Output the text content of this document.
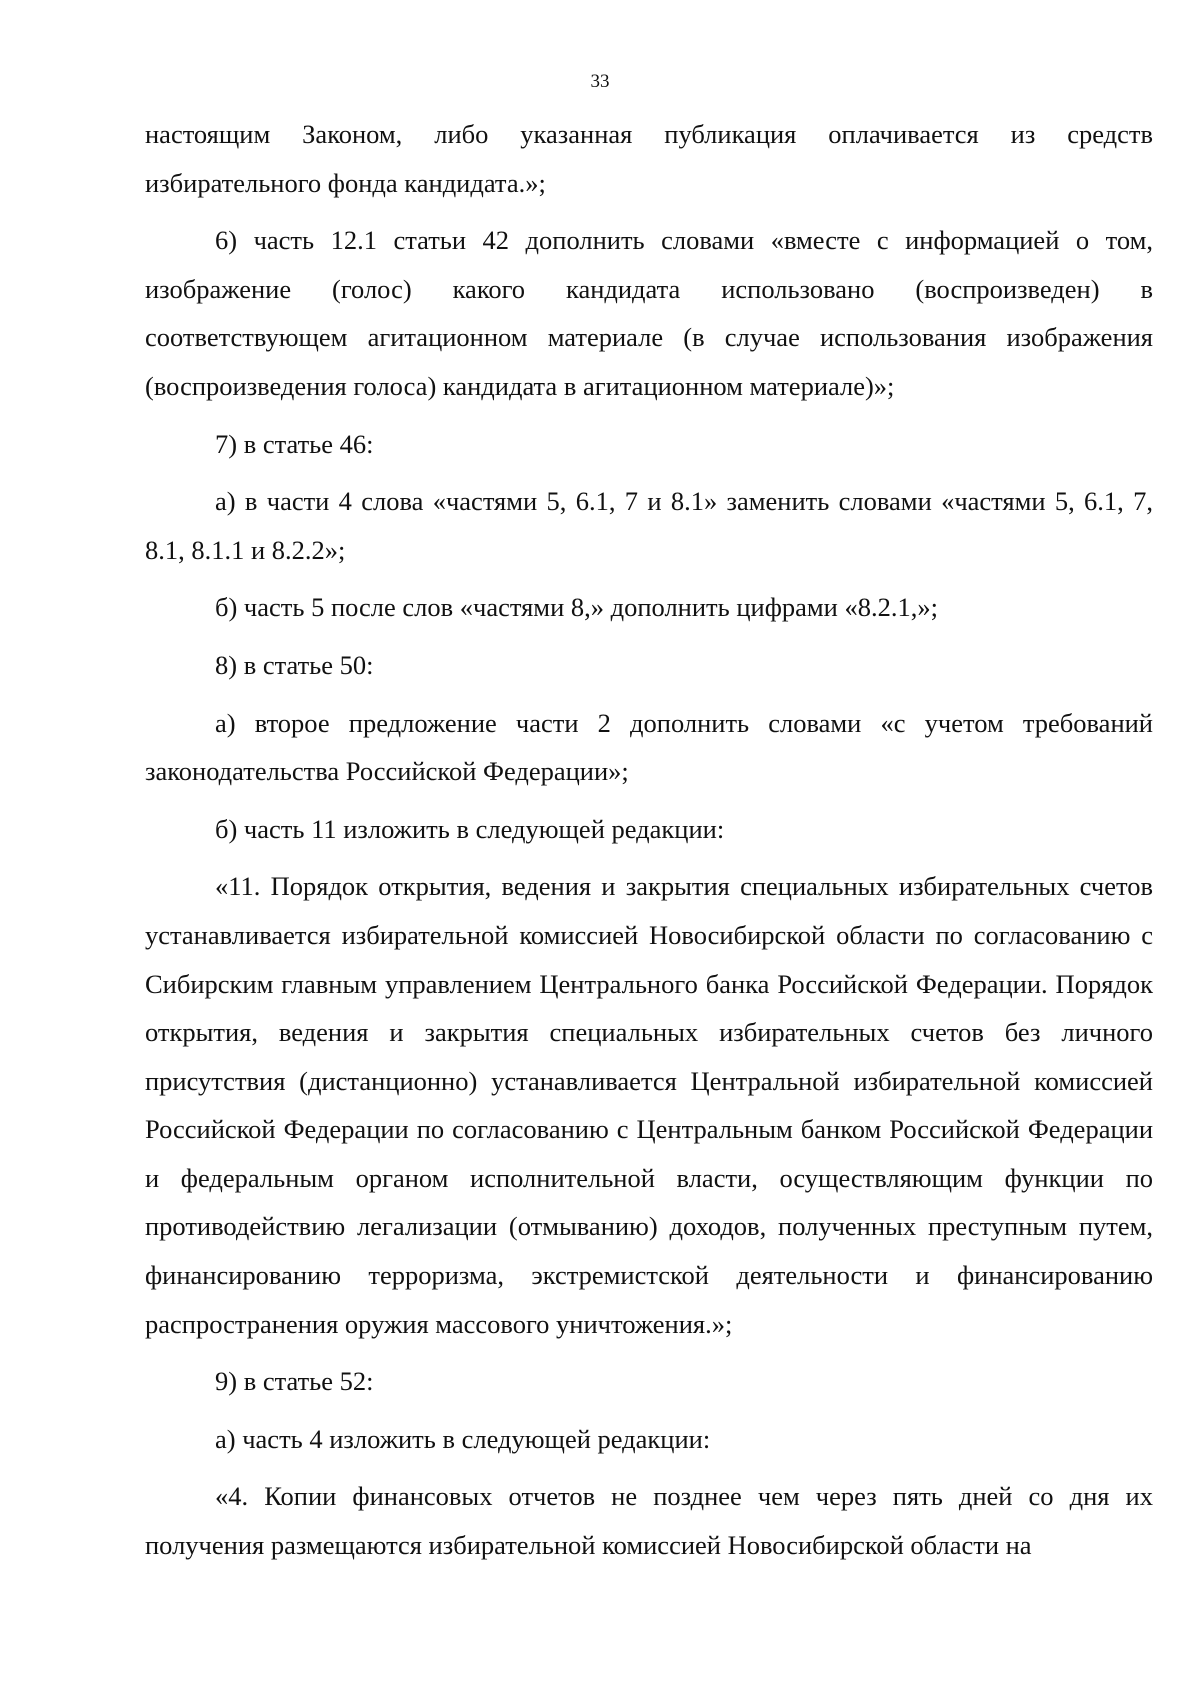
33

настоящим Законом, либо указанная публикация оплачивается из средств избирательного фонда кандидата.»;

6) часть 12.1 статьи 42 дополнить словами «вместе с информацией о том, изображение (голос) какого кандидата использовано (воспроизведен) в соответствующем агитационном материале (в случае использования изображения (воспроизведения голоса) кандидата в агитационном материале)»;

7) в статье 46:

а) в части 4 слова «частями 5, 6.1, 7 и 8.1» заменить словами «частями 5, 6.1, 7, 8.1, 8.1.1 и 8.2.2»;

б) часть 5 после слов «частями 8,» дополнить цифрами «8.2.1,»;

8) в статье 50:

а) второе предложение части 2 дополнить словами «с учетом требований законодательства Российской Федерации»;

б) часть 11 изложить в следующей редакции:

«11. Порядок открытия, ведения и закрытия специальных избирательных счетов устанавливается избирательной комиссией Новосибирской области по согласованию с Сибирским главным управлением Центрального банка Российской Федерации. Порядок открытия, ведения и закрытия специальных избирательных счетов без личного присутствия (дистанционно) устанавливается Центральной избирательной комиссией Российской Федерации по согласованию с Центральным банком Российской Федерации и федеральным органом исполнительной власти, осуществляющим функции по противодействию легализации (отмыванию) доходов, полученных преступным путем, финансированию терроризма, экстремистской деятельности и финансированию распространения оружия массового уничтожения.»;

9) в статье 52:

а) часть 4 изложить в следующей редакции:

«4. Копии финансовых отчетов не позднее чем через пять дней со дня их получения размещаются избирательной комиссией Новосибирской области на
